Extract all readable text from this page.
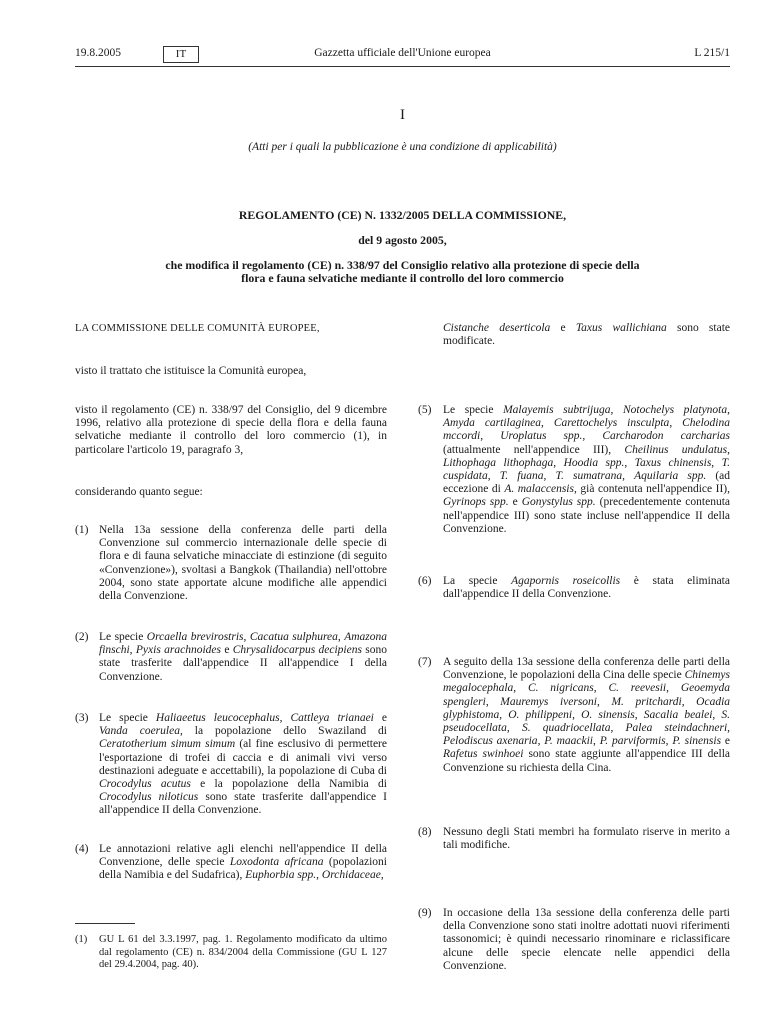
19.8.2005	IT	Gazzetta ufficiale dell'Unione europea	L 215/1
I
(Atti per i quali la pubblicazione è una condizione di applicabilità)
REGOLAMENTO (CE) N. 1332/2005 DELLA COMMISSIONE,
del 9 agosto 2005,
che modifica il regolamento (CE) n. 338/97 del Consiglio relativo alla protezione di specie della
flora e fauna selvatiche mediante il controllo del loro commercio
LA COMMISSIONE DELLE COMUNITÀ EUROPEE,
visto il trattato che istituisce la Comunità europea,
visto il regolamento (CE) n. 338/97 del Consiglio, del 9 dicembre 1996, relativo alla protezione di specie della flora e della fauna selvatiche mediante il controllo del loro commercio (1), in particolare l'articolo 19, paragrafo 3,
considerando quanto segue:
(1) Nella 13a sessione della conferenza delle parti della Convenzione sul commercio internazionale delle specie di flora e di fauna selvatiche minacciate di estinzione (di seguito «Convenzione»), svoltasi a Bangkok (Thailandia) nell'ottobre 2004, sono state apportate alcune modifiche alle appendici della Convenzione.
(2) Le specie Orcaella brevirostris, Cacatua sulphurea, Amazona finschi, Pyxis arachnoides e Chrysalidocarpus decipiens sono state trasferite dall'appendice II all'appendice I della Convenzione.
(3) Le specie Haliaeetus leucocephalus, Cattleya trianaei e Vanda coerulea, la popolazione dello Swaziland di Ceratotherium simum simum (al fine esclusivo di permettere l'esportazione di trofei di caccia e di animali vivi verso destinazioni adeguate e accettabili), la popolazione di Cuba di Crocodylus acutus e la popolazione della Namibia di Crocodylus niloticus sono state trasferite dall'appendice I all'appendice II della Convenzione.
(4) Le annotazioni relative agli elenchi nell'appendice II della Convenzione, delle specie Loxodonta africana (popolazioni della Namibia e del Sudafrica), Euphorbia spp., Orchidaceae,
(1) GU L 61 del 3.3.1997, pag. 1. Regolamento modificato da ultimo dal regolamento (CE) n. 834/2004 della Commissione (GU L 127 del 29.4.2004, pag. 40).
Cistanche deserticola e Taxus wallichiana sono state modificate.
(5) Le specie Malayemis subtrijuga, Notochelys platynota, Amyda cartilaginea, Carettochelys insculpta, Chelodina mccordi, Uroplatus spp., Carcharodon carcharias (attualmente nell'appendice III), Cheilinus undulatus, Lithophaga lithophaga, Hoodia spp., Taxus chinensis, T. cuspidata, T. fuana, T. sumatrana, Aquilaria spp. (ad eccezione di A. malaccensis, già contenuta nell'appendice II), Gyrinops spp. e Gonystylus spp. (precedentemente contenuta nell'appendice III) sono state incluse nell'appendice II della Convenzione.
(6) La specie Agapornis roseicollis è stata eliminata dall'appendice II della Convenzione.
(7) A seguito della 13a sessione della conferenza delle parti della Convenzione, le popolazioni della Cina delle specie Chinemys megalocephala, C. nigricans, C. reevesii, Geoemyda spengleri, Mauremys iversoni, M. pritchardi, Ocadia glyphistoma, O. philippeni, O. sinensis, Sacalia bealei, S. pseudocellata, S. quadriocellata, Palea steindachneri, Pelodiscus axenaria, P. maackii, P. parviformis, P. sinensis e Rafetus swinhoei sono state aggiunte all'appendice III della Convenzione su richiesta della Cina.
(8) Nessuno degli Stati membri ha formulato riserve in merito a tali modifiche.
(9) In occasione della 13a sessione della conferenza delle parti della Convenzione sono stati inoltre adottati nuovi riferimenti tassonomici; è quindi necessario rinominare e riclassificare alcune delle specie elencate nelle appendici della Convenzione.
